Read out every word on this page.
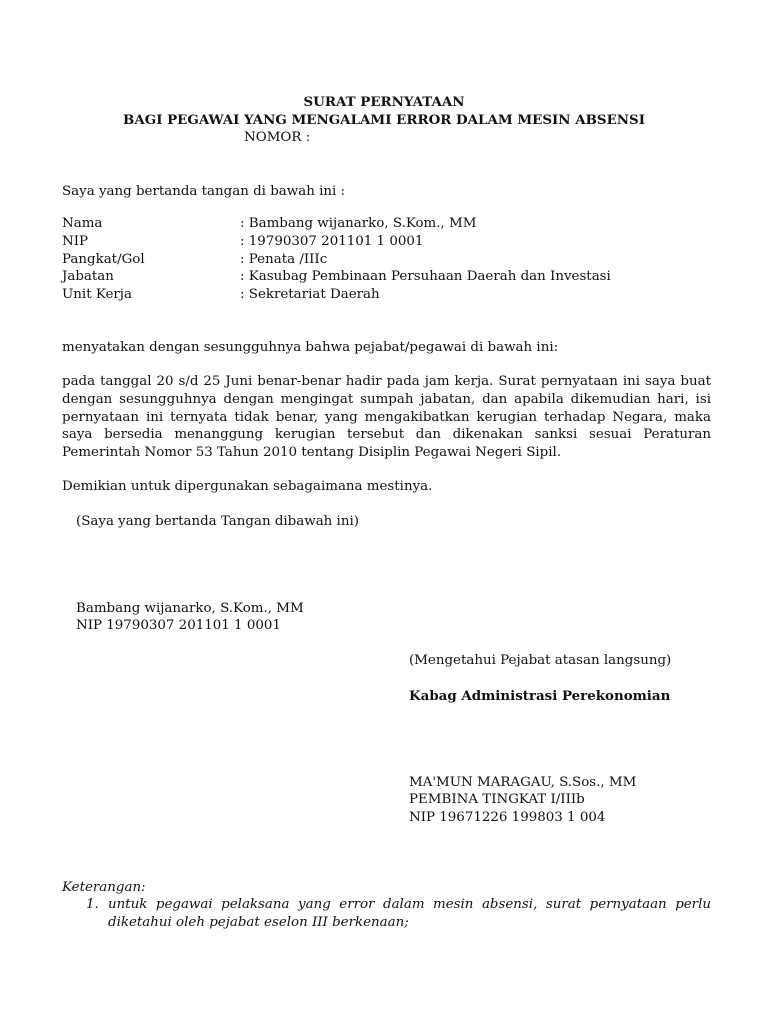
SURAT PERNYATAAN
BAGI PEGAWAI YANG MENGALAMI ERROR DALAM MESIN ABSENSI
NOMOR :
Saya yang bertanda tangan di bawah ini :
Nama	: Bambang wijanarko, S.Kom., MM
NIP	: 19790307 201101 1 0001
Pangkat/Gol	: Penata /IIIc
Jabatan	: Kasubag Pembinaan Persuhaan Daerah dan Investasi
Unit Kerja	: Sekretariat Daerah
menyatakan dengan sesungguhnya bahwa pejabat/pegawai di bawah ini:
pada tanggal 20 s/d 25 Juni benar-benar hadir pada jam kerja. Surat pernyataan ini saya buat dengan sesungguhnya dengan mengingat sumpah jabatan, dan apabila dikemudian hari, isi pernyataan ini ternyata tidak benar, yang mengakibatkan kerugian terhadap Negara, maka saya bersedia menanggung kerugian tersebut dan dikenakan sanksi sesuai Peraturan Pemerintah Nomor 53 Tahun 2010 tentang Disiplin Pegawai Negeri Sipil.
Demikian untuk dipergunakan sebagaimana mestinya.
(Saya yang bertanda Tangan dibawah ini)
Bambang wijanarko, S.Kom., MM
NIP 19790307 201101 1 0001
(Mengetahui Pejabat atasan langsung)
Kabag Administrasi Perekonomian
MA'MUN MARAGAU, S.Sos., MM
PEMBINA TINGKAT I/IIIb
NIP 19671226 199803 1 004
Keterangan:
1. untuk pegawai pelaksana yang error dalam mesin absensi, surat pernyataan perlu diketahui oleh pejabat eselon III berkenaan;
